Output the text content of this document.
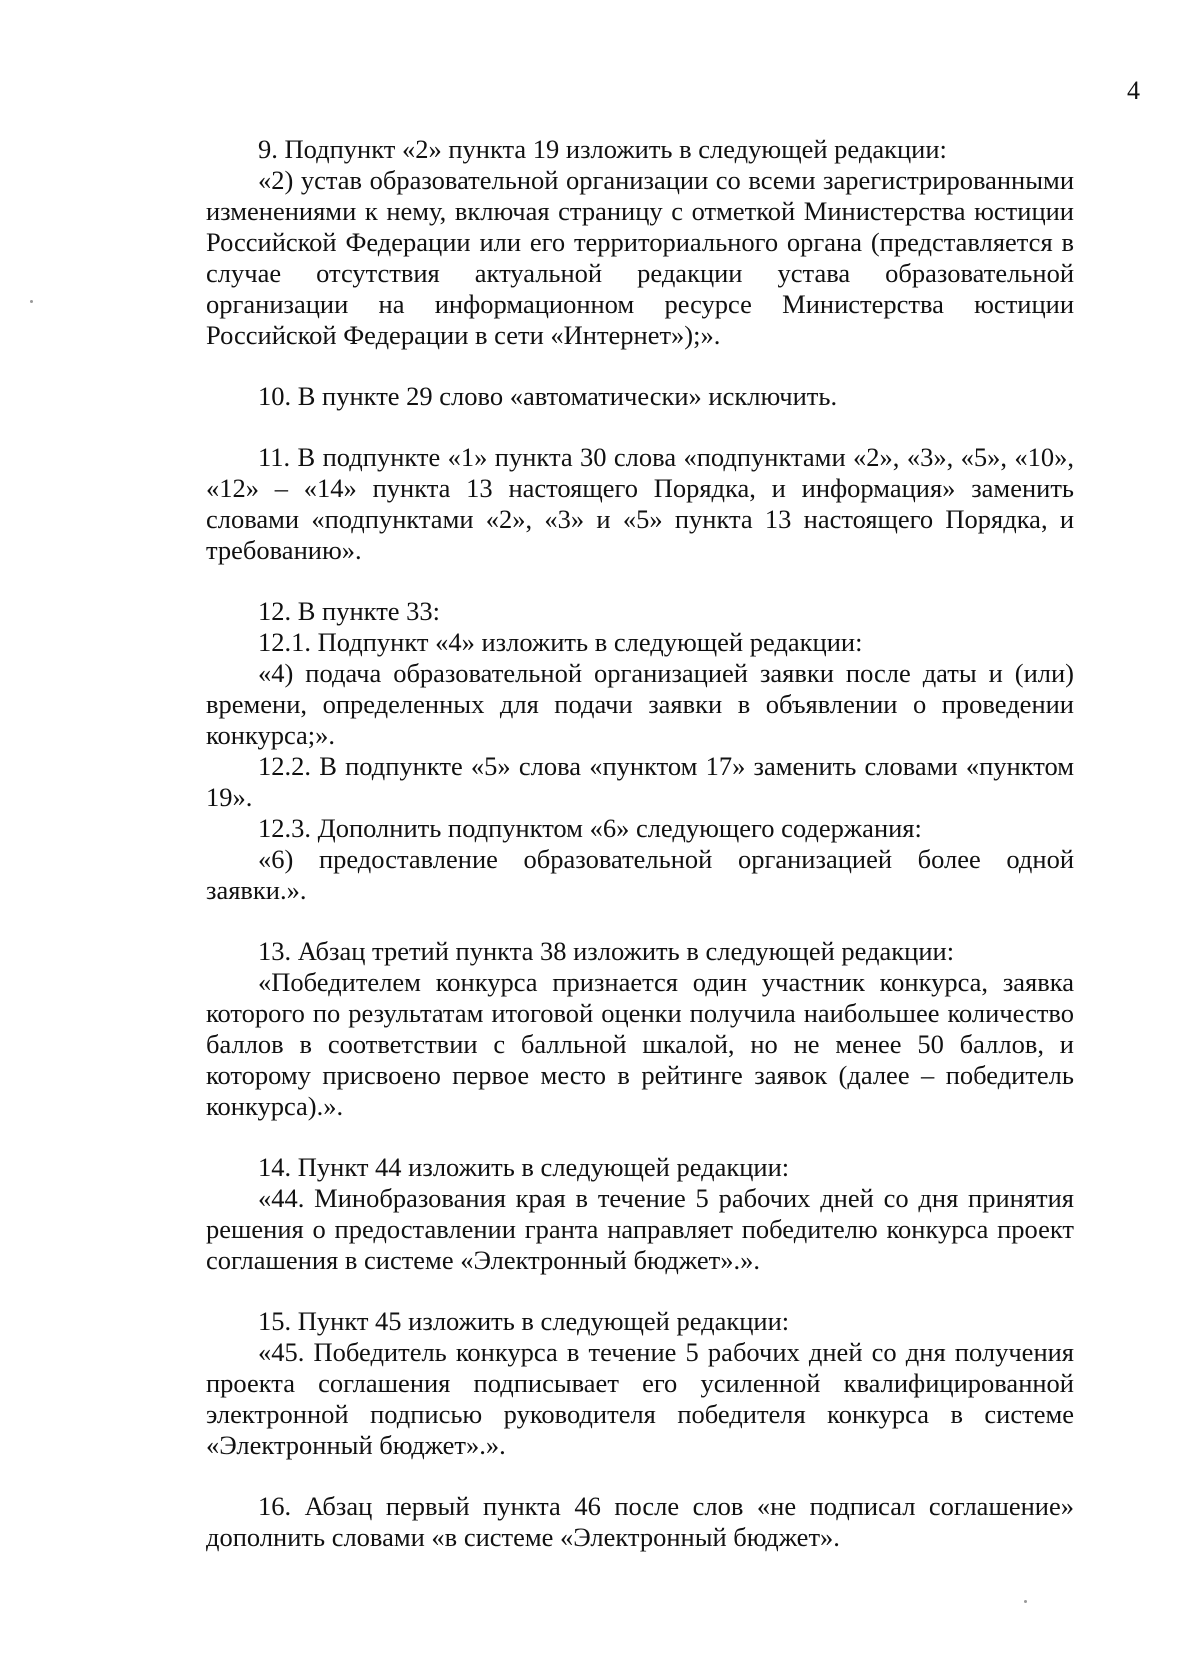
4

9. Подпункт «2» пункта 19 изложить в следующей редакции:

«2) устав образовательной организации со всеми зарегистрированными изменениями к нему, включая страницу с отметкой Министерства юстиции Российской Федерации или его территориального органа (представляется в случае отсутствия актуальной редакции устава образовательной организации на информационном ресурсе Министерства юстиции Российской Федерации в сети «Интернет»);».

10. В пункте 29 слово «автоматически» исключить.

11. В подпункте «1» пункта 30 слова «подпунктами «2», «3», «5», «10», «12» – «14» пункта 13 настоящего Порядка, и информация» заменить словами «подпунктами «2», «3» и «5» пункта 13 настоящего Порядка, и требованию».

12. В пункте 33:

12.1. Подпункт «4» изложить в следующей редакции:

«4) подача образовательной организацией заявки после даты и (или) времени, определенных для подачи заявки в объявлении о проведении конкурса;».

12.2. В подпункте «5» слова «пунктом 17» заменить словами «пунктом 19».

12.3. Дополнить подпунктом «6» следующего содержания:

«6) предоставление образовательной организацией более одной заявки.».

13. Абзац третий пункта 38 изложить в следующей редакции:

«Победителем конкурса признается один участник конкурса, заявка которого по результатам итоговой оценки получила наибольшее количество баллов в соответствии с балльной шкалой, но не менее 50 баллов, и которому присвоено первое место в рейтинге заявок (далее – победитель конкурса).».

14. Пункт 44 изложить в следующей редакции:

«44. Минобразования края в течение 5 рабочих дней со дня принятия решения о предоставлении гранта направляет победителю конкурса проект соглашения в системе «Электронный бюджет».».

15. Пункт 45 изложить в следующей редакции:

«45. Победитель конкурса в течение 5 рабочих дней со дня получения проекта соглашения подписывает его усиленной квалифицированной электронной подписью руководителя победителя конкурса в системе «Электронный бюджет».».

16. Абзац первый пункта 46 после слов «не подписал соглашение» дополнить словами «в системе «Электронный бюджет».
